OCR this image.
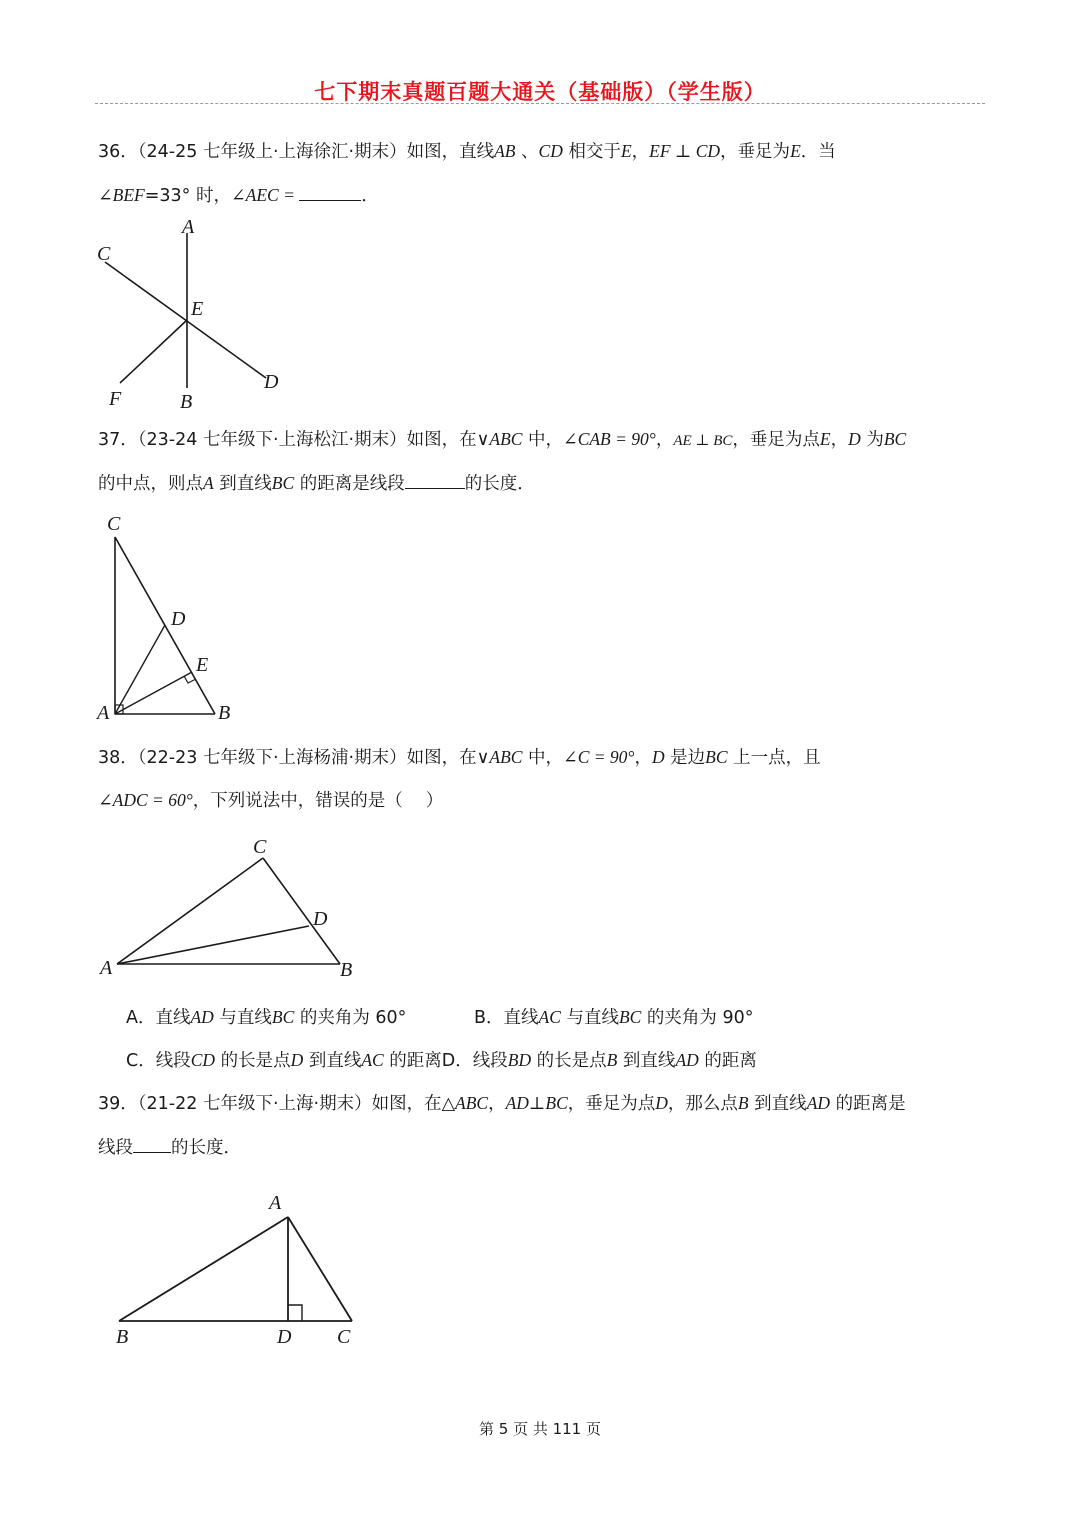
七下期末真题百题大通关（基础版）（学生版）
36．（24-25 七年级上·上海徐汇·期末）如图，直线AB 、CD 相交于E，EF ⊥ CD，垂足为E．当
∠BEF=33° 时，∠AEC =	．
A
C
E
D
F	B
37．（23-24 七年级下·上海松江·期末）如图，在∨ABC 中，∠CAB = 90°，AE ⊥ BC，垂足为点E，D 为BC
的中点，则点A 到直线BC 的距离是线段	的长度．
C
D
E
A	B
38．（22-23 七年级下·上海杨浦·期末）如图，在∨ABC 中，∠C = 90°，D 是边BC 上一点，且
∠ADC = 60°，下列说法中，错误的是（　 ）
C
D
A	B
A．直线AD 与直线BC 的夹角为 60°	B．直线AC 与直线BC 的夹角为 90°
C．线段CD 的长是点D 到直线AC 的距离D．线段BD 的长是点B 到直线AD 的距离
39．（21-22 七年级下·上海·期末）如图，在△ABC，AD⊥BC，垂足为点D，那么点B 到直线AD 的距离是
线段 的长度．
A
B	D C
第 5 页 共 111 页
